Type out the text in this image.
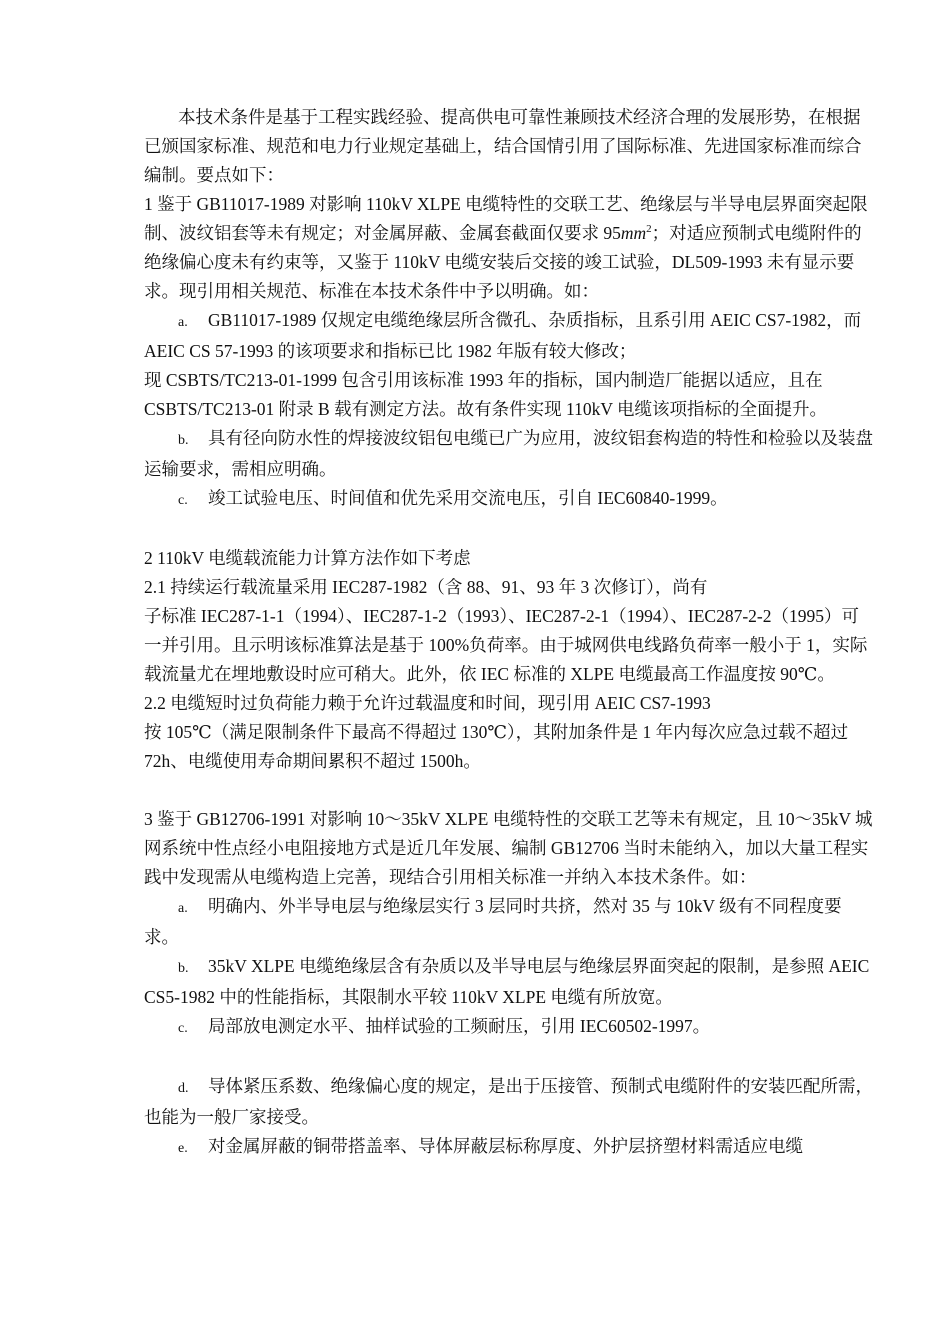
本技术条件是基于工程实践经验、提高供电可靠性兼顾技术经济合理的发展形势，在根据已颁国家标准、规范和电力行业规定基础上，结合国情引用了国际标准、先进国家标准而综合编制。要点如下：

1 鉴于 GB11017-1989 对影响 110kV XLPE 电缆特性的交联工艺、绝缘层与半导电层界面突起限制、波纹铝套等未有规定；对金属屏蔽、金属套截面仅要求 $95mm^2$；对适应预制式电缆附件的绝缘偏心度未有约束等，又鉴于 110kV 电缆安装后交接的竣工试验，DL509-1993 未有显示要求。现引用相关规范、标准在本技术条件中予以明确。如：

a. GB11017-1989 仅规定电缆绝缘层所含微孔、杂质指标，且系引用 AEIC CS7-1982，而 AEIC CS 57-1993 的该项要求和指标已比 1982 年版有较大修改；

现 CSBTS/TC213-01-1999 包含引用该标准 1993 年的指标，国内制造厂能据以适应，且在 CSBTS/TC213-01 附录 B 载有测定方法。故有条件实现 110kV 电缆该项指标的全面提升。

b. 具有径向防水性的焊接波纹铝包电缆已广为应用，波纹铝套构造的特性和检验以及装盘运输要求，需相应明确。

c. 竣工试验电压、时间值和优先采用交流电压，引自 IEC60840-1999。

2 110kV 电缆载流能力计算方法作如下考虑

2.1 持续运行载流量采用 IEC287-1982（含 88、91、93 年 3 次修订），尚有

子标准 IEC287-1-1（1994）、IEC287-1-2（1993）、IEC287-2-1（1994）、IEC287-2-2（1995）可一并引用。且示明该标准算法是基于 100%负荷率。由于城网供电线路负荷率一般小于 1，实际载流量尤在埋地敷设时应可稍大。此外，依 IEC 标准的 XLPE 电缆最高工作温度按 90℃。

2.2 电缆短时过负荷能力赖于允许过载温度和时间，现引用 AEIC CS7-1993

按 105℃（满足限制条件下最高不得超过 130℃），其附加条件是 1 年内每次应急过载不超过 72h、电缆使用寿命期间累积不超过 1500h。

3 鉴于 GB12706-1991 对影响 10～35kV XLPE 电缆特性的交联工艺等未有规定，且 10～35kV 城网系统中性点经小电阻接地方式是近几年发展、编制 GB12706 当时未能纳入，加以大量工程实践中发现需从电缆构造上完善，现结合引用相关标准一并纳入本技术条件。如：

a. 明确内、外半导电层与绝缘层实行 3 层同时共挤，然对 35 与 10kV 级有不同程度要求。

b. 35kV XLPE 电缆绝缘层含有杂质以及半导电层与绝缘层界面突起的限制，是参照 AEIC CS5-1982 中的性能指标，其限制水平较 110kV XLPE 电缆有所放宽。

c. 局部放电测定水平、抽样试验的工频耐压，引用 IEC60502-1997。

d. 导体紧压系数、绝缘偏心度的规定，是出于压接管、预制式电缆附件的安装匹配所需，也能为一般厂家接受。

e. 对金属屏蔽的铜带搭盖率、导体屏蔽层标称厚度、外护层挤塑材料需适应电缆
